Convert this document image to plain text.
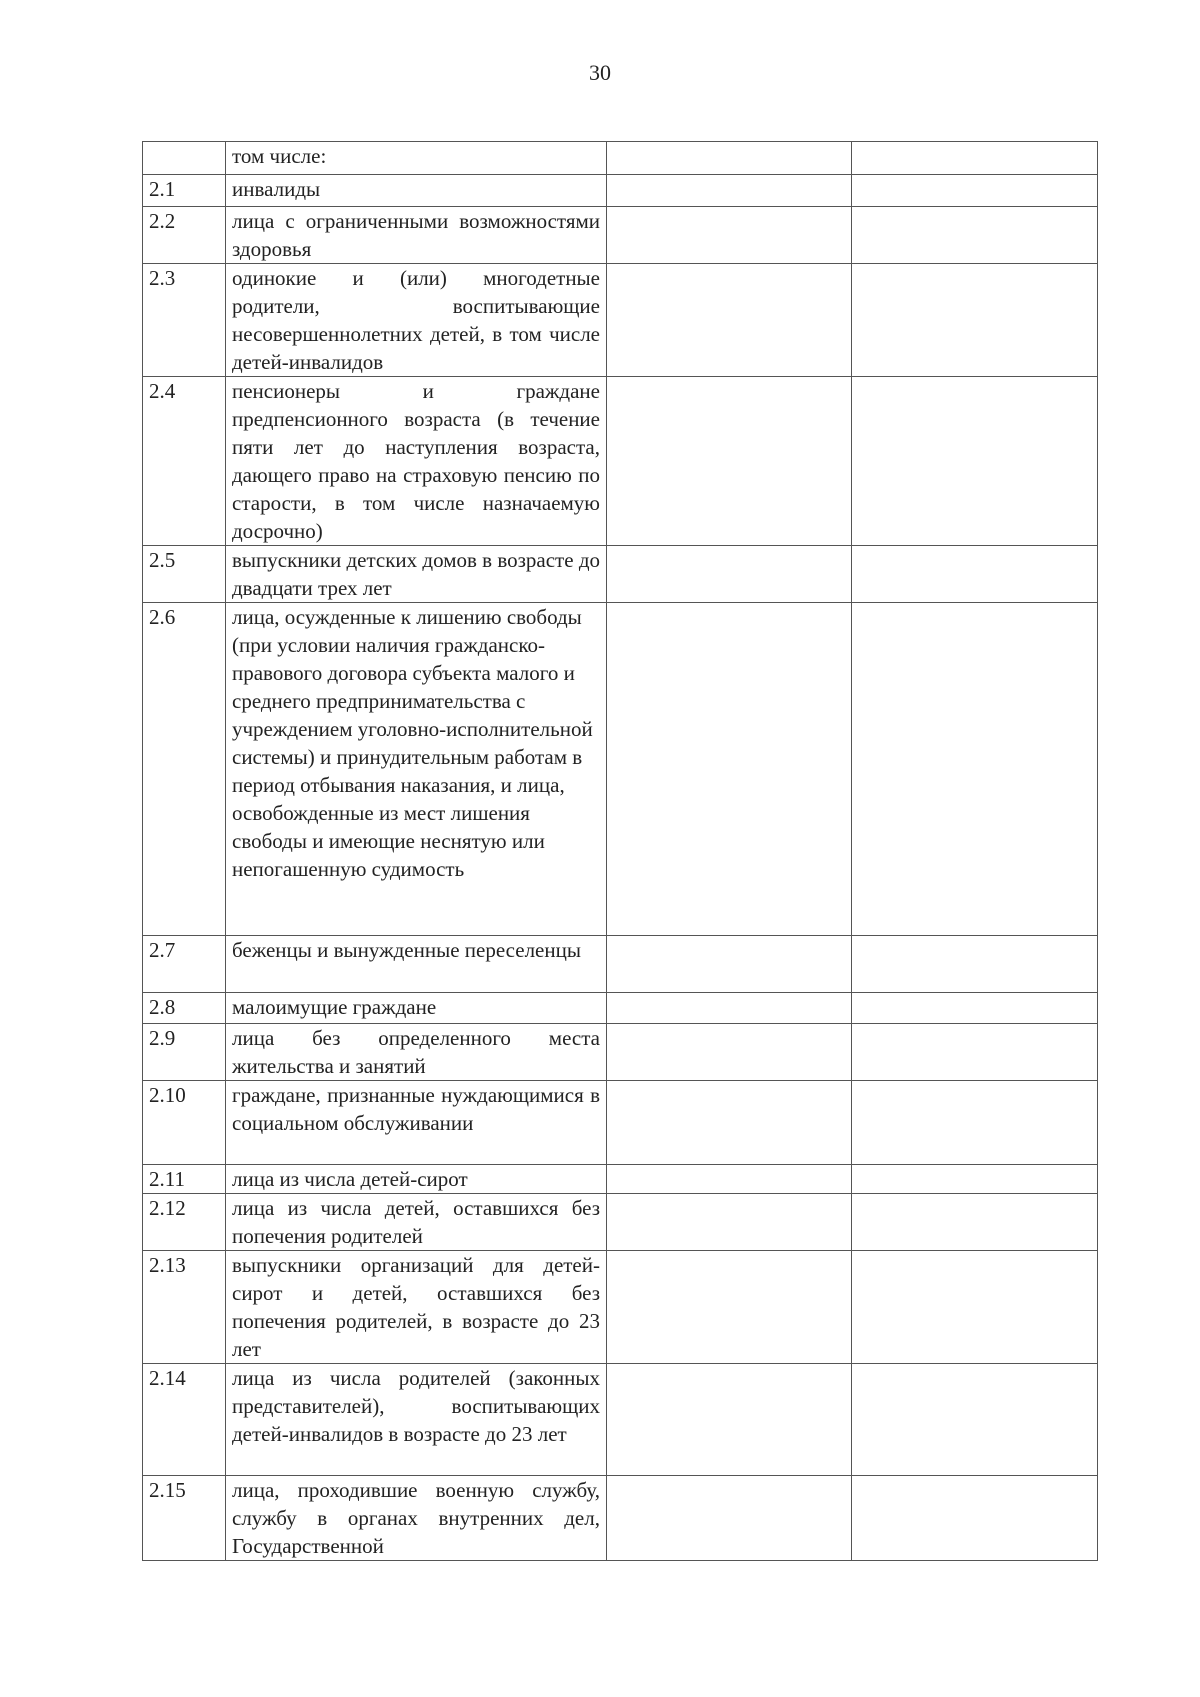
30
	том числе:		
2.1	инвалиды		
2.2	лица с ограниченными возможностями здоровья		
2.3	одинокие и (или) многодетные родители, воспитывающие несовершеннолетних детей, в том числе детей-инвалидов		
2.4	пенсионеры и граждане предпенсионного возраста (в течение пяти лет до наступления возраста, дающего право на страховую пенсию по старости, в том числе назначаемую досрочно)		
2.5	выпускники детских домов в возрасте до двадцати трех лет		
2.6	лица, осужденные к лишению свободы (при условии наличия гражданско-правового договора субъекта малого и среднего предпринимательства с учреждением уголовно-исполнительной системы) и принудительным работам в период отбывания наказания, и лица, освобожденные из мест лишения свободы и имеющие неснятую или непогашенную судимость		
2.7	беженцы и вынужденные переселенцы		
2.8	малоимущие граждане		
2.9	лица без определенного места жительства и занятий		
2.10	граждане, признанные нуждающимися в социальном обслуживании		
2.11	лица из числа детей-сирот		
2.12	лица из числа детей, оставшихся без попечения родителей		
2.13	выпускники организаций для детей-сирот и детей, оставшихся без попечения родителей, в возрасте до 23 лет		
2.14	лица из числа родителей (законных представителей), воспитывающих детей-инвалидов в возрасте до 23 лет		
2.15	лица, проходившие военную службу, службу в органах внутренних дел, Государственной		
